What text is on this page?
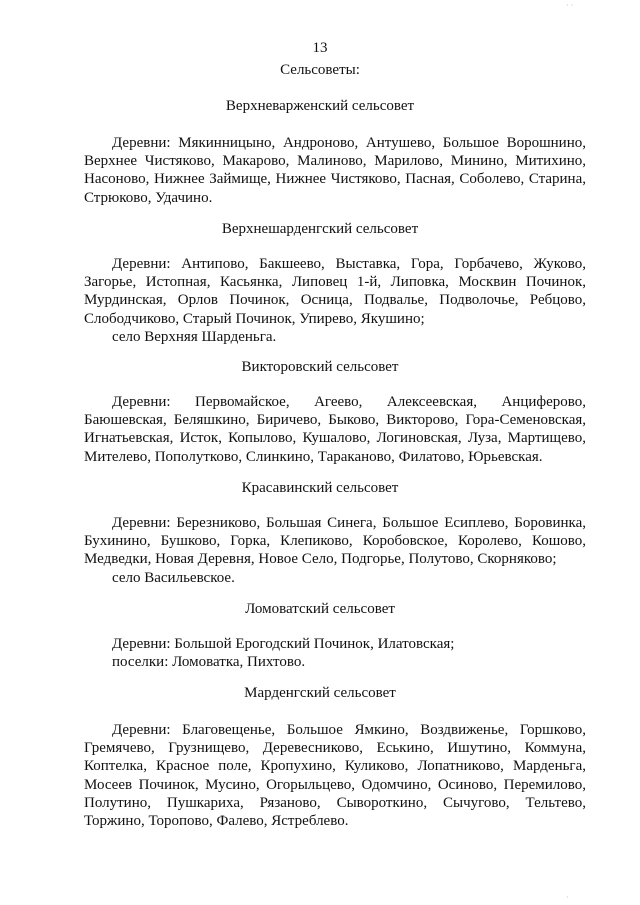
13
Сельсоветы:
Верхневарженский сельсовет
Деревни: Мякинницыно, Андроново, Антушево, Большое Ворошнино, Верхнее Чистяково, Макарово, Малиново, Марилово, Минино, Митихино, Насоново, Нижнее Займище, Нижнее Чистяково, Пасная, Соболево, Старина, Стрюково, Удачино.
Верхнешарденгский сельсовет
Деревни: Антипово, Бакшеево, Выставка, Гора, Горбачево, Жуково, Загорье, Истопная, Касьянка, Липовец 1-й, Липовка, Москвин Починок, Мурдинская, Орлов Починок, Осница, Подвалье, Подволочье, Ребцово, Слободчиково, Старый Починок, Упирево, Якушино;
село Верхняя Шарденьга.
Викторовский сельсовет
Деревни: Первомайское, Агеево, Алексеевская, Анциферово, Баюшевская, Беляшкино, Биричево, Быково, Викторово, Гора-Семеновская, Игнатьевская, Исток, Копылово, Кушалово, Логиновская, Луза, Мартищево, Мителево, Пополутково, Слинкино, Тараканово, Филатово, Юрьевская.
Красавинский сельсовет
Деревни: Березниково, Большая Синега, Большое Есиплево, Боровинка, Бухинино, Бушково, Горка, Клепиково, Коробовское, Королево, Кошово, Медведки, Новая Деревня, Новое Село, Подгорье, Полутово, Скорняково;
село Васильевское.
Ломоватский сельсовет
Деревни: Большой Ерогодский Починок, Илатовская;
поселки: Ломоватка, Пихтово.
Марденгский сельсовет
Деревни: Благовещенье, Большое Ямкино, Воздвиженье, Горшково, Гремячево, Грузнищево, Деревесниково, Еськино, Ишутино, Коммуна, Коптелка, Красное поле, Кропухино, Куликово, Лопатниково, Марденьга, Мосеев Починок, Мусино, Огорыльцево, Одомчино, Осиново, Перемилово, Полутино, Пушкариха, Рязаново, Сывороткино, Сычугово, Тельтево, Торжино, Торопово, Фалево, Ястреблево.
· ·
·
